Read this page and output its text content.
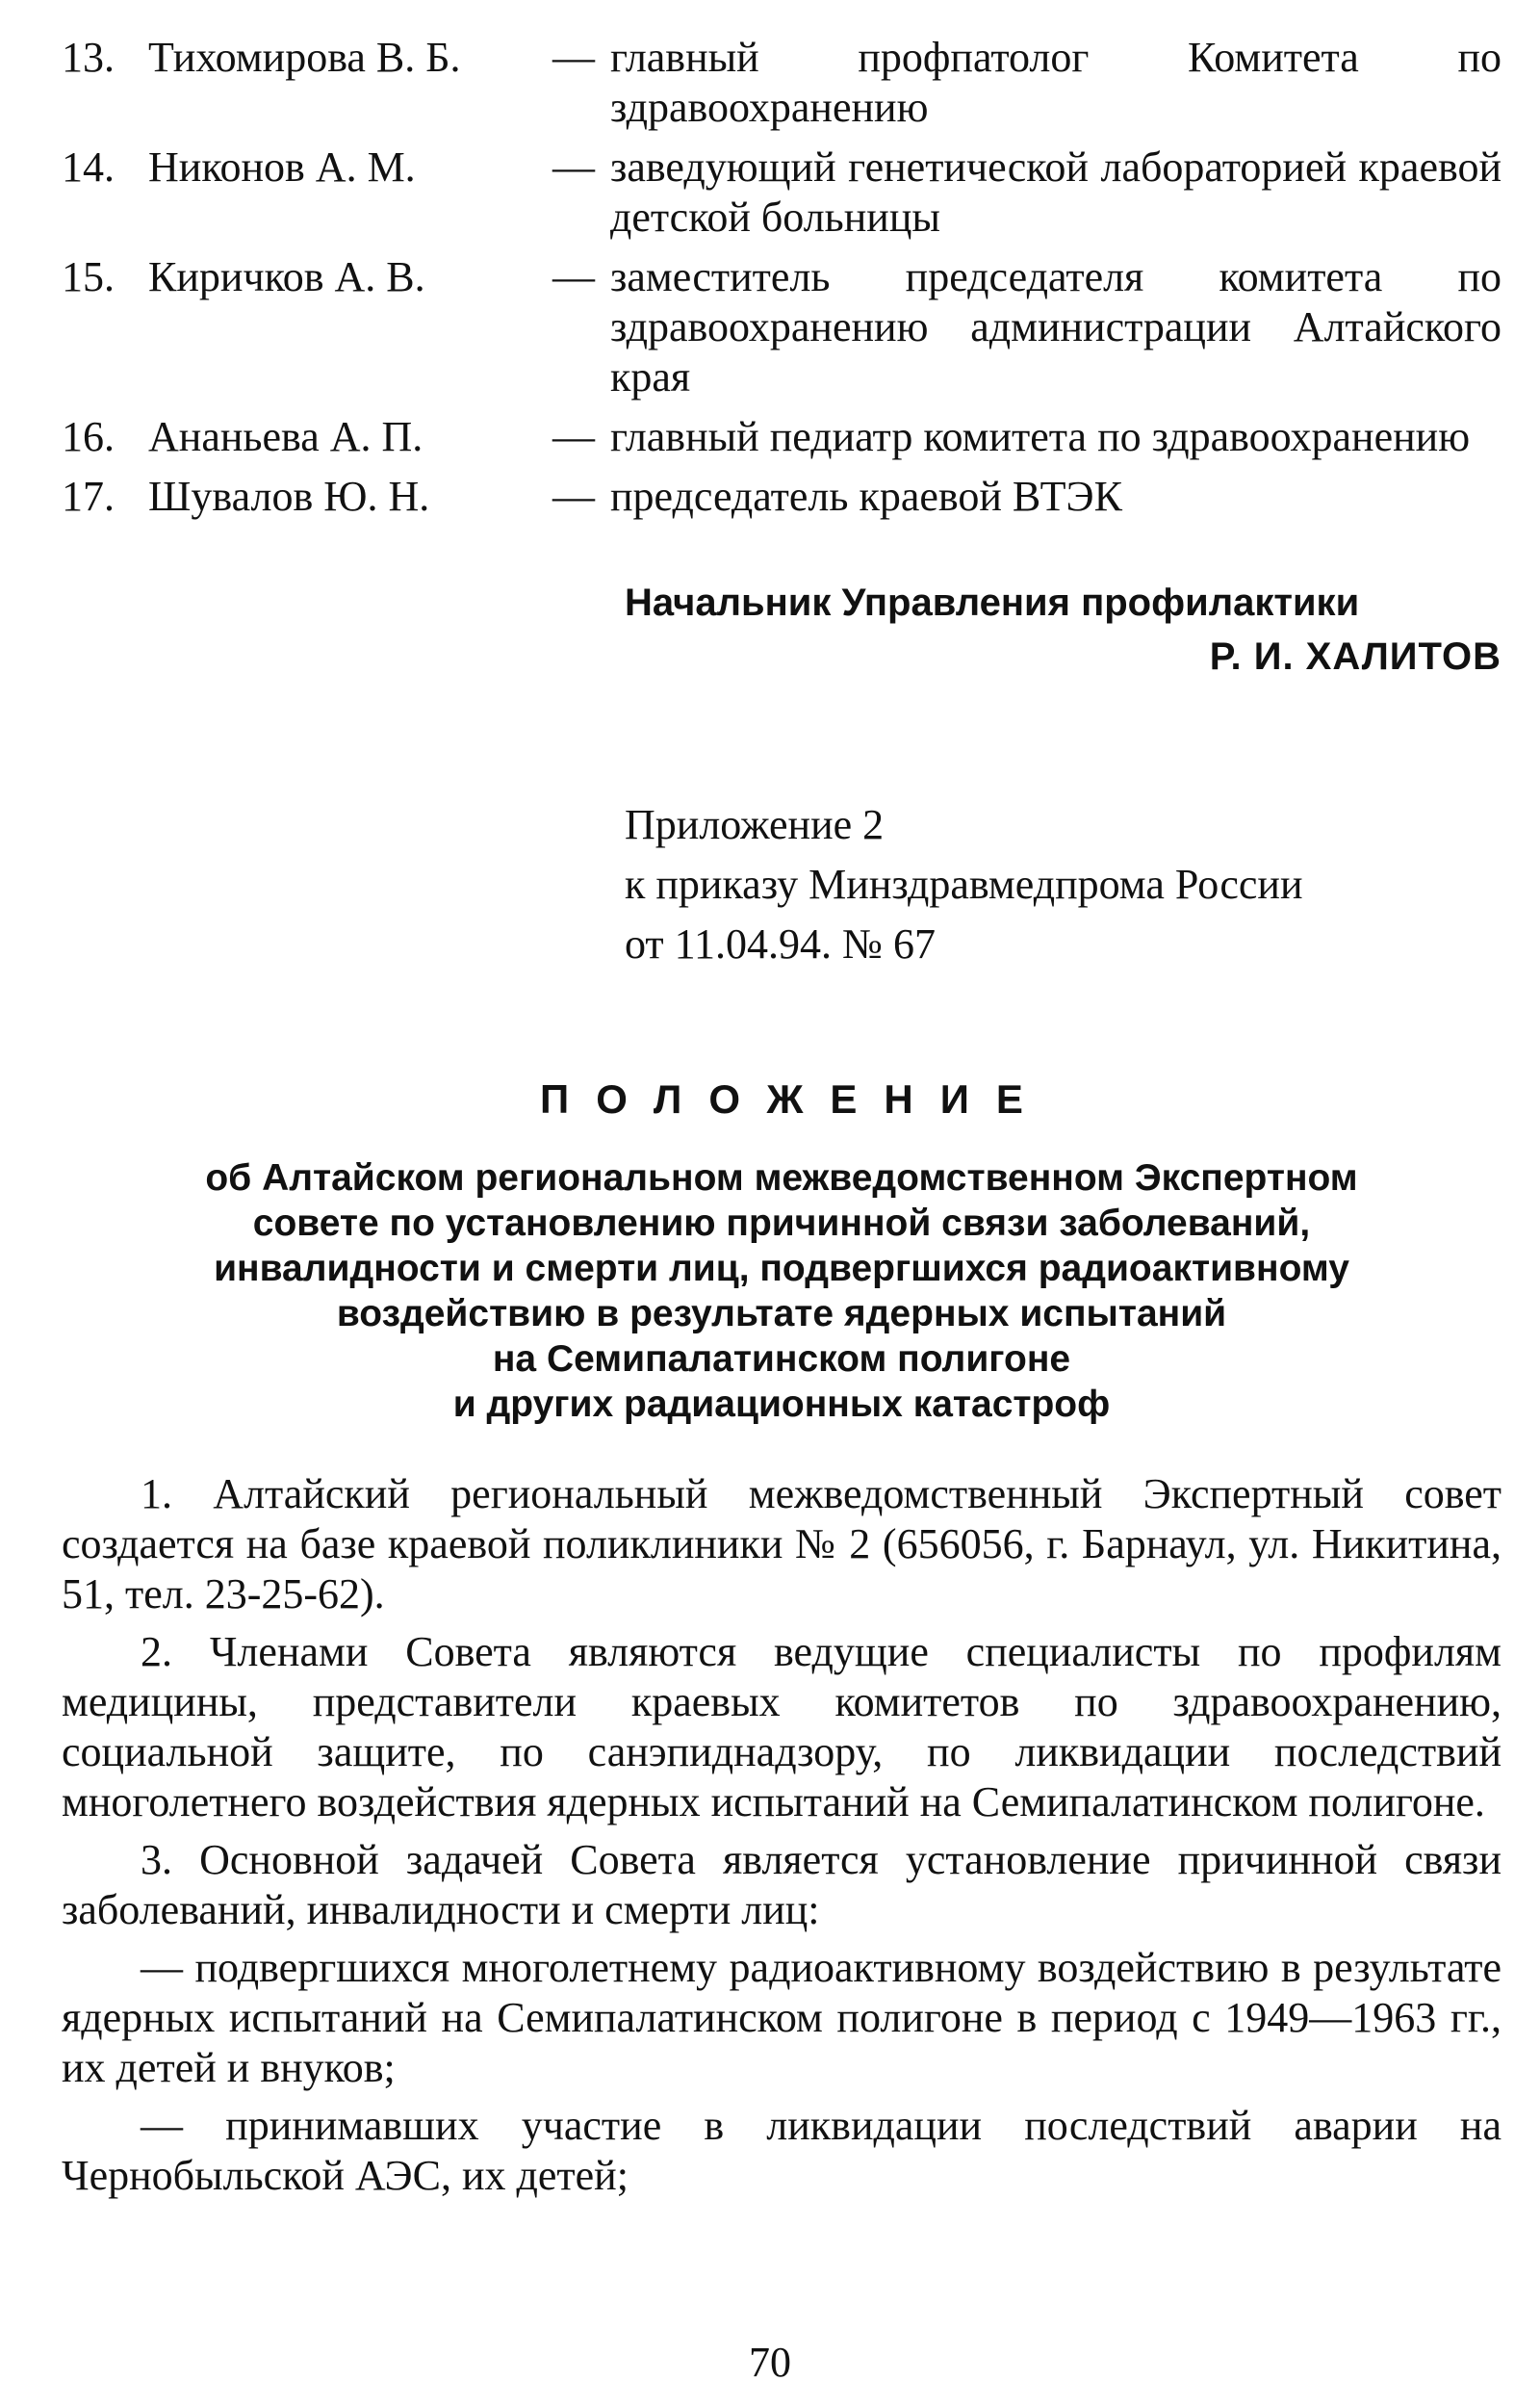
13. Тихомирова В. Б.	— главный профпатолог Комитета по здравоохранению
14. Никонов А. М.	— заведующий генетической лабораторией краевой детской больницы
15. Киричков А. В.	— заместитель председателя комитета по здравоохранению администрации Алтайского края
16. Ананьева А. П.	— главный педиатр комитета по здравоохранению
17. Шувалов Ю. Н.	— председатель краевой ВТЭК
Начальник Управления профилактики
Р. И. ХАЛИТОВ
Приложение 2
к приказу Минздравмедпрома России
от 11.04.94. № 67
ПОЛОЖЕНИЕ
об Алтайском региональном межведомственном Экспертном
совете по установлению причинной связи заболеваний,
инвалидности и смерти лиц, подвергшихся радиоактивному
воздействию в результате ядерных испытаний
на Семипалатинском полигоне
и других радиационных катастроф

1. Алтайский региональный межведомственный Экспертный совет создается на базе краевой поликлиники № 2 (656056, г. Барнаул, ул. Никитина, 51, тел. 23-25-62).

2. Членами Совета являются ведущие специалисты по профилям медицины, представители краевых комитетов по здравоохранению, социальной защите, по санэпиднадзору, по ликвидации последствий многолетнего воздействия ядерных испытаний на Семипалатинском полигоне.

3. Основной задачей Совета является установление причинной связи заболеваний, инвалидности и смерти лиц:

— подвергшихся многолетнему радиоактивному воздействию в результате ядерных испытаний на Семипалатинском полигоне в период с 1949—1963 гг., их детей и внуков;

— принимавших участие в ликвидации последствий аварии на Чернобыльской АЭС, их детей;

70
